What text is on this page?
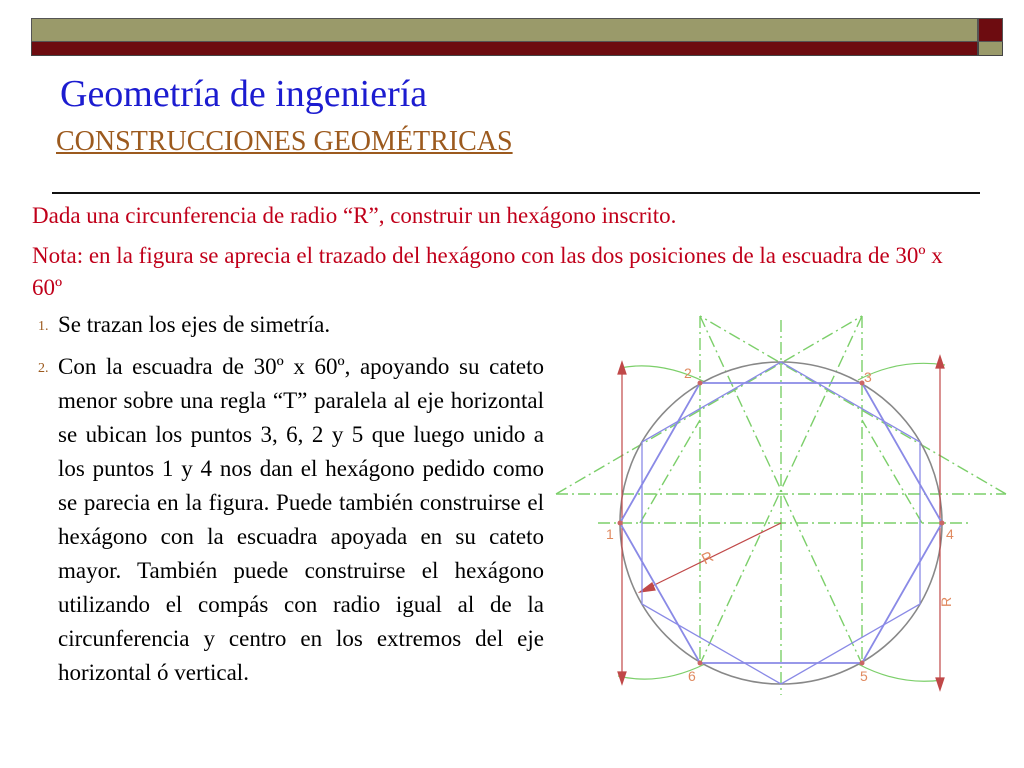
Geometría de ingeniería
CONSTRUCCIONES GEOMÉTRICAS
Dada una circunferencia de radio “R”, construir un hexágono inscrito.
Nota: en la figura se aprecia el trazado del hexágono con las dos posiciones de la escuadra de 30º x 60º
1. Se trazan los ejes de simetría.
2. Con la escuadra de 30º x 60º, apoyando su cateto menor sobre una regla “T” paralela al eje horizontal se ubican los puntos 3, 6, 2 y 5 que luego unido a los puntos 1 y 4 nos dan el hexágono pedido como se parecia en la figura. Puede también construirse el hexágono con la escuadra apoyada en su cateto mayor. También puede construirse el hexágono utilizando el compás con radio igual al de la circunferencia y centro en los extremos del eje horizontal ó vertical.
1
2	3
4
5
6
R
R
